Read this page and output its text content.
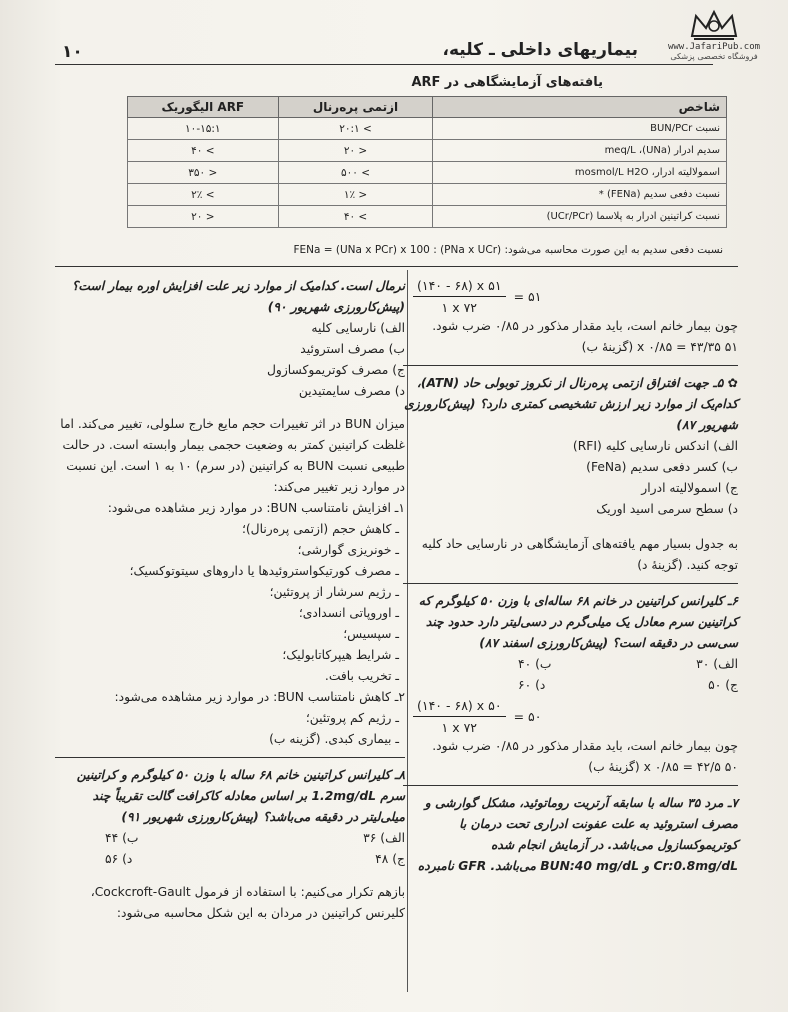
۱۰	بیماریهای داخلی ـ کلیه،	www.JafariPub.com
فروشگاه تخصصی پزشکی
یافته‌های آزمایشگاهی در ARF
شاخص	ازتمی پره‌رنال	ARF الیگوریک
نسبت BUN/PCr	> ۲۰:۱	۱۰-۱۵:۱
سدیم ادرار (UNa)، meq/L	< ۲۰	> ۴۰
اسمولالیته ادرار، mosmol/L H2O	> ۵۰۰	< ۳۵۰
نسبت دفعی سدیم (FENa) *	< ۱٪	> ۲٪
نسبت کراتینین ادرار به پلاسما (UCr/PCr)	> ۴۰	< ۲۰
نسبت دفعی سدیم به این صورت محاسبه می‌شود: FENa = (UNa x PCr) x 100 : (PNa x UCr)
$\frac{(۱۴۰ - ۶۸) x ۵۱}{۱ x ۷۲}$ = ۵۱

چون بیمار خانم است، باید مقدار مذکور در ۰/۸۵ ضرب شود.

۵۱ x ۰/۸۵ = ۴۳/۳۵ (گزینهٔ ب)

✿ ۵ـ جهت افتراق ازتمی پره‌رنال از نکروز توبولی حاد (ATN)، کدام‌یک از موارد زیر ارزش تشخیصی کمتری دارد؟ (پیش‌کارورزی شهریور ۸۷)

الف) اندکس نارسایی کلیه (RFI)

ب) کسر دفعی سدیم (FeNa)

ج) اسمولالیته ادرار

د) سطح سرمی اسید اوریک

به جدول بسیار مهم یافته‌های آزمایشگاهی در نارسایی حاد کلیه توجه کنید. (گزینهٔ د)

۶ـ کلیرانس کراتینین در خانم ۶۸ ساله‌ای با وزن ۵۰ کیلوگرم که کراتینین سرم معادل یک میلی‌گرم در دسی‌لیتر دارد حدود چند سی‌سی در دقیقه است؟ (پیش‌کارورزی اسفند ۸۷)

الف) ۳۰
ب) ۴۰
ج) ۵۰
د) ۶۰
$\frac{(۱۴۰ - ۶۸) x ۵۰}{۱ x ۷۲}$ = ۵۰

چون بیمار خانم است، باید مقدار مذکور در ۰/۸۵ ضرب شود.

۵۰ x ۰/۸۵ = ۴۲/۵ (گزینهٔ ب)

۷ـ مرد ۳۵ ساله با سابقه آرتریت روماتوئید، مشکل گوارشی و مصرف استروئید به علت عفونت ادراری تحت درمان با کوتریموکسازول می‌باشد. در آزمایش انجام شده Cr:0.8mg/dL و BUN:40 mg/dL می‌باشد. GFR نامبرده

نرمال است. کدامیک از موارد زیر علت افزایش اوره بیمار است؟ (پیش‌کارورزی شهریور ۹۰)

الف) نارسایی کلیه

ب) مصرف استروئید

ج) مصرف کوتریموکسازول

د) مصرف سایمتیدین

میزان BUN در اثر تغییرات حجم مایع خارج سلولی، تغییر می‌کند. اما غلظت کراتینین کمتر به وضعیت حجمی بیمار وابسته است. در حالت طبیعی نسبت BUN به کراتینین (در سرم) ۱۰ به ۱ است. این نسبت در موارد زیر تغییر می‌کند:

۱ـ افزایش نامتناسب BUN: در موارد زیر مشاهده می‌شود:

ـ کاهش حجم (ازتمی پره‌رنال)؛

ـ خونریزی گوارشی؛

ـ مصرف کورتیکواستروئیدها یا داروهای سیتوتوکسیک؛

ـ رژیم سرشار از پروتئین؛

ـ اوروپاتی انسدادی؛

ـ سپسیس؛

ـ شرایط هیپرکاتابولیک؛

ـ تخریب بافت.

۲ـ کاهش نامتناسب BUN: در موارد زیر مشاهده می‌شود:

ـ رژیم کم پروتئین؛

ـ بیماری کبدی. (گزینه ب)

۸ـ کلیرانس کراتینین خانم ۶۸ ساله با وزن ۵۰ کیلوگرم و کراتینین سرم 1.2mg/dL بر اساس معادله کاکرافت گالت تقریباً چند میلی‌لیتر در دقیقه می‌باشد؟ (پیش‌کارورزی شهریور ۹۱)

الف) ۳۶
ب) ۴۴
ج) ۴۸
د) ۵۶

بازهم تکرار می‌کنیم: با استفاده از فرمول Cockcroft-Gault، کلیرنس کراتینین در مردان به این شکل محاسبه می‌شود:
